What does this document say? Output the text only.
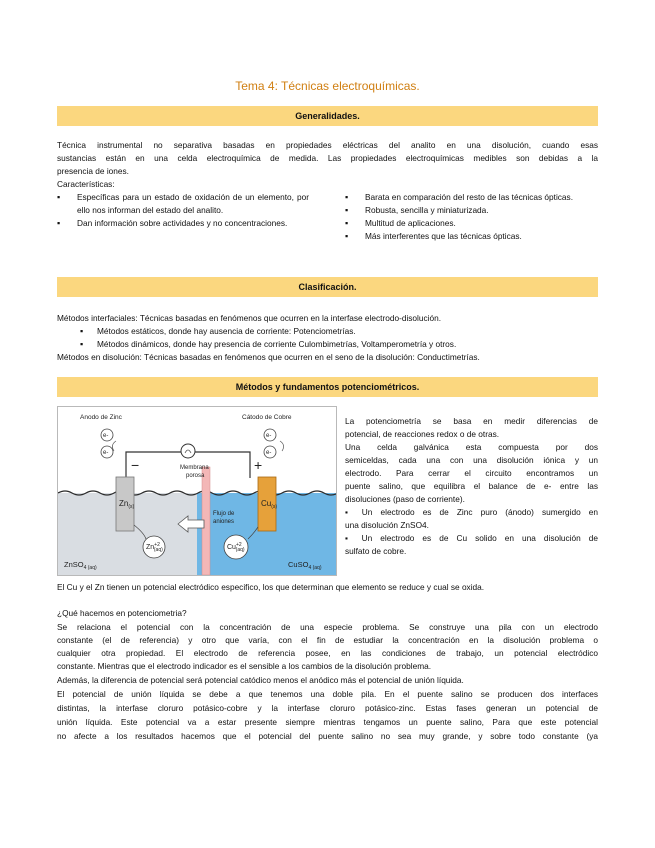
Tema 4: Técnicas electroquímicas.
Generalidades.
Técnica instrumental no separativa basadas en propiedades eléctricas del analito en una disolución, cuando esas
sustancias están en una celda electroquímica de medida. Las propiedades electroquímicas medibles son debidas a la
presencia de iones.
Características:
▪ Específicas para un estado de oxidación de un elemento, por ello nos informan del estado del analito.
▪ Dan información sobre actividades y no concentraciones.
▪ Barata en comparación del resto de las técnicas ópticas.
▪ Robusta, sencilla y miniaturizada.
▪ Multitud de aplicaciones.
▪ Más interferentes que las técnicas ópticas.
Clasificación.
Métodos interfaciales: Técnicas basadas en fenómenos que ocurren en la interfase electrodo-disolución.
▪ Métodos estáticos, donde hay ausencia de corriente: Potenciometrías.
▪ Métodos dinámicos, donde hay presencia de corriente Culombimetrías, Voltamperometría y otros.
Métodos en disolución: Técnicas basadas en fenómenos que ocurren en el seno de la disolución: Conductimetrías.
Métodos y fundamentos potenciométricos.
Anodo de Zinc	Cátodo de Cobre
e-
e-
e-
e-
−	+
Membrana
porosa
Flujo de
aniones
$Zn_{(s)}$	$Cu_{(s)}$
$Zn^{+2}$ (aq)	$Cu^{+2}$ (aq)
ZnSO$_{4 (aq)}$	CuSO$_{4 (aq)}$

La potenciometría se basa en medir diferencias de

potencial, de reacciones redox o de otras.

Una celda galvánica esta compuesta por dos

semiceldas, cada una con una disolución iónica y un

electrodo. Para cerrar el circuito encontramos un

puente salino, que equilibra el balance de e- entre las

disoluciones (paso de corriente).

▪ Un electrodo es de Zinc puro (ánodo) sumergido en

una disolución ZnSO4.

▪ Un electrodo es de Cu solido en una disolución de

sulfato de cobre.

El Cu y el Zn tienen un potencial electródico especifico, los que determinan que elemento se reduce y cual se oxida.
¿Qué hacemos en potenciometria?
Se relaciona el potencial con la concentración de una especie problema. Se construye una pila con un electrodo
constante (el de referencia) y otro que varía, con el fin de estudiar la concentración en la disolución problema o
cualquier otra propiedad. El electrodo de referencia posee, en las condiciones de trabajo, un potencial electródico
constante. Mientras que el electrodo indicador es el sensible a los cambios de la disolución problema.
Además, la diferencia de potencial será potencial catódico menos el anódico más el potencial de unión líquida.
El potencial de unión líquida se debe a que tenemos una doble pila. En el puente salino se producen dos interfaces
distintas, la interfase cloruro potásico-cobre y la interfase cloruro potásico-zinc. Estas fases generan un potencial de
unión líquida. Este potencial va a estar presente siempre mientras tengamos un puente salino, Para que este potencial
no afecte a los resultados hacemos que el potencial del puente salino no sea muy grande, y sobre todo constante (ya
